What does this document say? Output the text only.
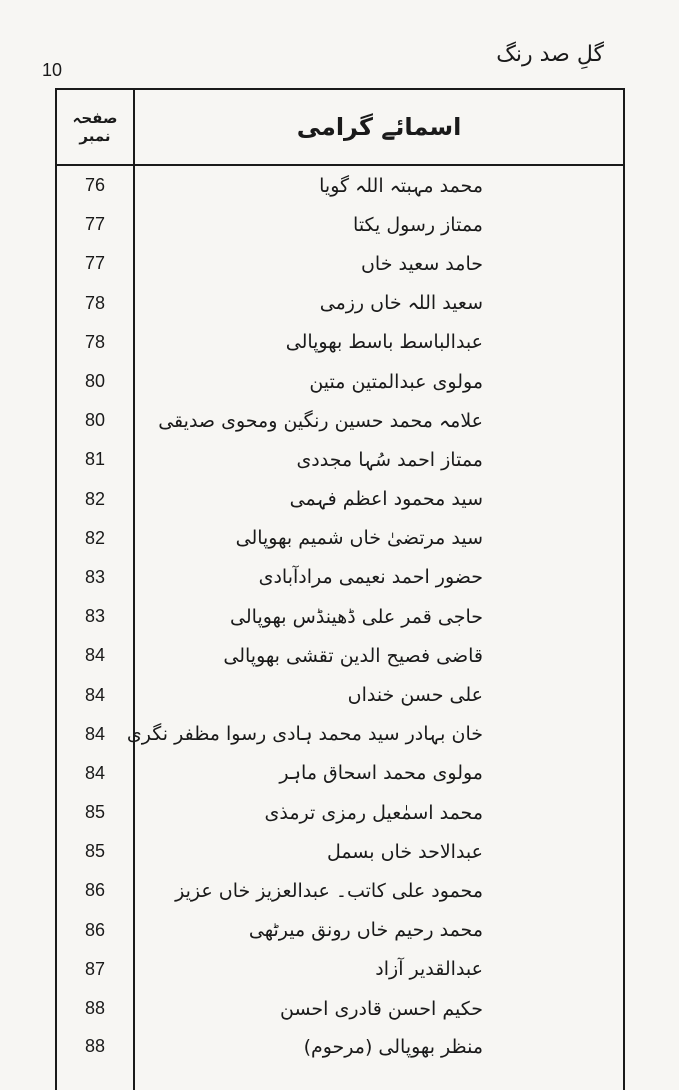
10
گلِ صد رنگ
صفحہ نمبر	اسمائے گرامی
76	محمد مہبتہ اللہ گویا
77	ممتاز رسول یکتا
77	حامد سعید خاں
78	سعید اللہ خاں رزمی
78	عبدالباسط باسط بھوپالی
80	مولوی عبدالمتین متین
80	علامہ محمد حسین رنگین ومحوی صدیقی
81	ممتاز احمد سُہا مجددی
82	سید محمود اعظم فہمی
82	سید مرتضیٰ خاں شمیم بھوپالی
83	حضور احمد نعیمی مرادآبادی
83	حاجی قمر علی ڈھینڈس بھوپالی
84	قاضی فصیح الدین تقشی بھوپالی
84	علی حسن خنداں
84	خان بہادر سید محمد ہادی رسوا مظفر نگری
84	مولوی محمد اسحاق ماہر
85	محمد اسمٰعیل رمزی ترمذی
85	عبدالاحد خاں بسمل
86	محمود علی کاتب۔ عبدالعزیز خاں عزیز
86	محمد رحیم خاں رونق میرٹھی
87	عبدالقدیر آزاد
88	حکیم احسن قادری احسن
88	منظر بھوپالی (مرحوم)
